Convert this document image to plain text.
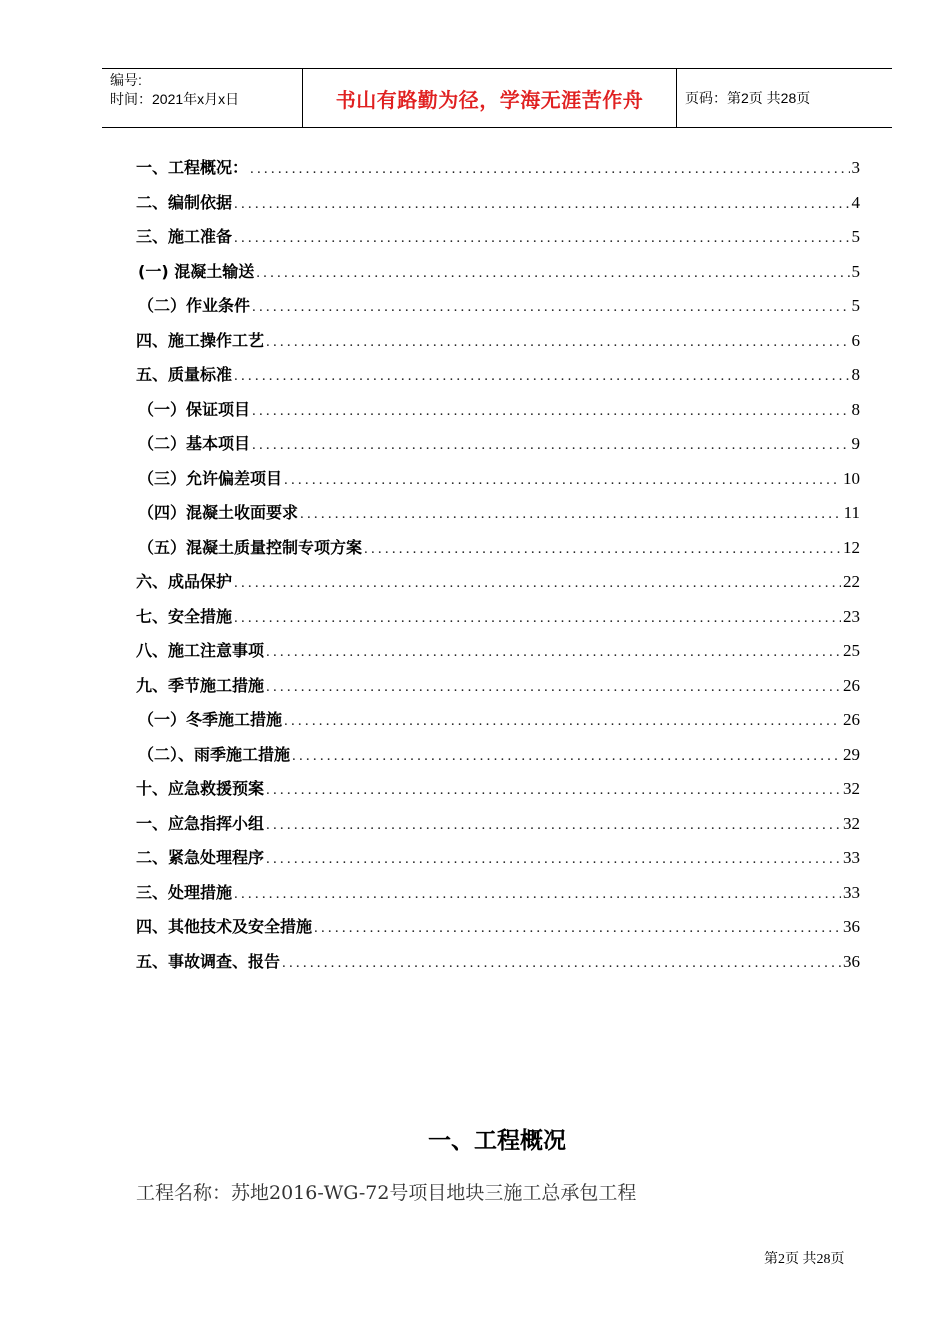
编号:
时间：2021年x月x日	书山有路勤为径，学海无涯苦作舟	页码：第2页 共28页
一、工程概况： .....	3
二、编制依据 .....	4
三、施工准备 .....	5
(一) 混凝土输送 .....	5
（二）作业条件 .....	5
四、施工操作工艺 .....	6
五、质量标准 .....	8
（一）保证项目 .....	8
（二）基本项目 .....	9
（三）允许偏差项目 .....	10
（四）混凝土收面要求 .....	11
（五）混凝土质量控制专项方案 .....	12
六、成品保护 .....	22
七、安全措施 .....	23
八、施工注意事项 .....	25
九、季节施工措施 .....	26
（一）冬季施工措施 .....	26
（二）、雨季施工措施 .....	29
十、应急救援预案 .....	32
一、应急指挥小组 .....	32
二、紧急处理程序 .....	33
三、处理措施 .....	33
四、其他技术及安全措施 .....	36
五、事故调查、报告 .....	36
一、工程概况
工程名称：苏地2016-WG-72号项目地块三施工总承包工程
第2页 共28页
